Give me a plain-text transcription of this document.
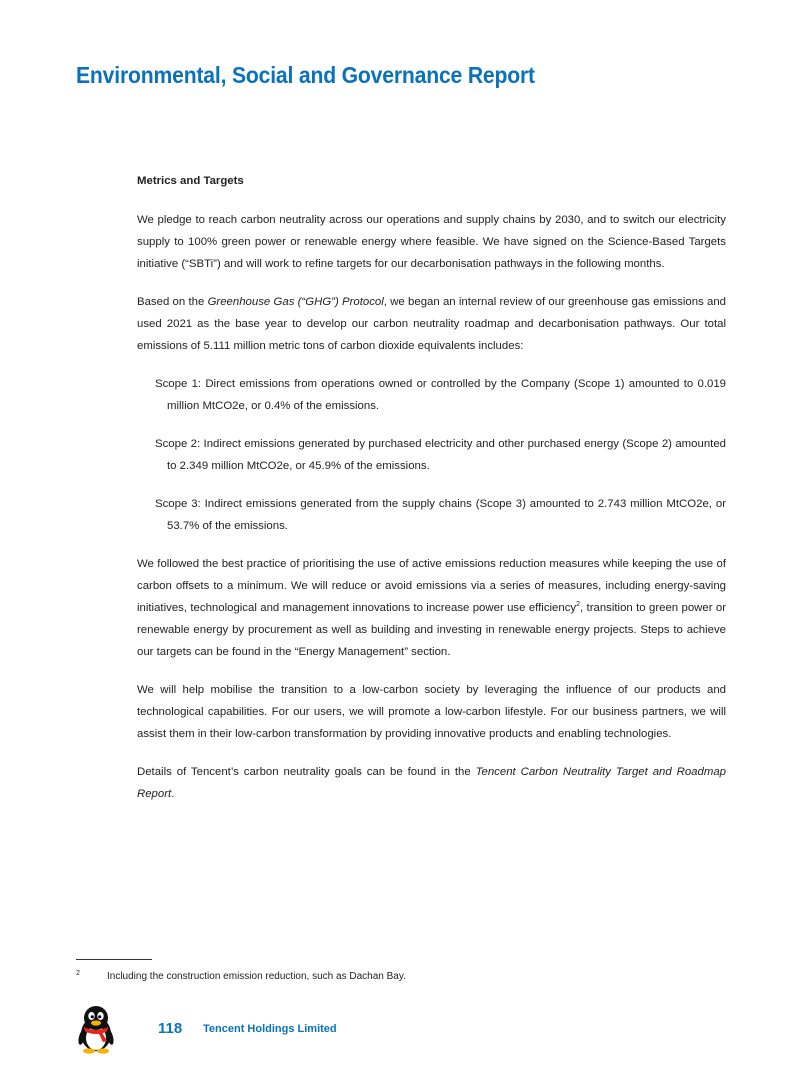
Environmental, Social and Governance Report
Metrics and Targets

We pledge to reach carbon neutrality across our operations and supply chains by 2030, and to switch our electricity supply to 100% green power or renewable energy where feasible. We have signed on the Science-Based Targets initiative (“SBTi”) and will work to refine targets for our decarbonisation pathways in the following months.

Based on the Greenhouse Gas (“GHG”) Protocol, we began an internal review of our greenhouse gas emissions and used 2021 as the base year to develop our carbon neutrality roadmap and decarbonisation pathways. Our total emissions of 5.111 million metric tons of carbon dioxide equivalents includes:

Scope 1: Direct emissions from operations owned or controlled by the Company (Scope 1) amounted to 0.019 million MtCO2e, or 0.4% of the emissions.
Scope 2: Indirect emissions generated by purchased electricity and other purchased energy (Scope 2) amounted to 2.349 million MtCO2e, or 45.9% of the emissions.
Scope 3: Indirect emissions generated from the supply chains (Scope 3) amounted to 2.743 million MtCO2e, or 53.7% of the emissions.

We followed the best practice of prioritising the use of active emissions reduction measures while keeping the use of carbon offsets to a minimum. We will reduce or avoid emissions via a series of measures, including energy-saving initiatives, technological and management innovations to increase power use efficiency$^2$, transition to green power or renewable energy by procurement as well as building and investing in renewable energy projects. Steps to achieve our targets can be found in the “Energy Management” section.

We will help mobilise the transition to a low-carbon society by leveraging the influence of our products and technological capabilities. For our users, we will promote a low-carbon lifestyle. For our business partners, we will assist them in their low-carbon transformation by providing innovative products and enabling technologies.

Details of Tencent’s carbon neutrality goals can be found in the Tencent Carbon Neutrality Target and Roadmap Report.

2	Including the construction emission reduction, such as Dachan Bay.
118 Tencent Holdings Limited
